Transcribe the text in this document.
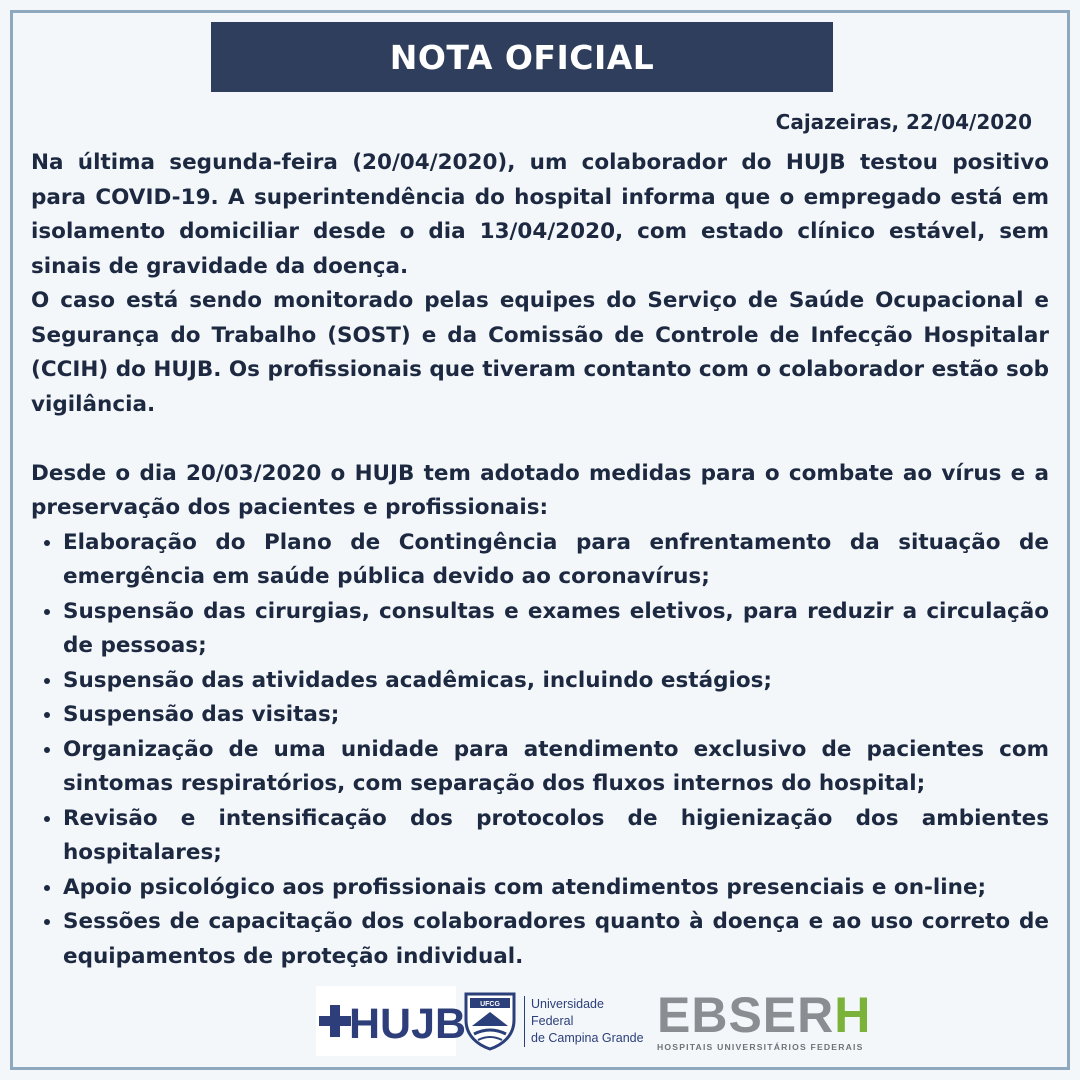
NOTA OFICIAL
Cajazeiras, 22/04/2020

Na última segunda-feira (20/04/2020), um colaborador do HUJB testou positivo para COVID-19. A superintendência do hospital informa que o empregado está em isolamento domiciliar desde o dia 13/04/2020, com estado clínico estável, sem sinais de gravidade da doença.

O caso está sendo monitorado pelas equipes do Serviço de Saúde Ocupacional e Segurança do Trabalho (SOST) e da Comissão de Controle de Infecção Hospitalar (CCIH) do HUJB. Os profissionais que tiveram contanto com o colaborador estão sob vigilância.

Desde o dia 20/03/2020 o HUJB tem adotado medidas para o combate ao vírus e a preservação dos pacientes e profissionais:

• Elaboração do Plano de Contingência para enfrentamento da situação de emergência em saúde pública devido ao coronavírus;
• Suspensão das cirurgias, consultas e exames eletivos, para reduzir a circulação de pessoas;
• Suspensão das atividades acadêmicas, incluindo estágios;
• Suspensão das visitas;
• Organização de uma unidade para atendimento exclusivo de pacientes com sintomas respiratórios, com separação dos fluxos internos do hospital;
• Revisão e intensificação dos protocolos de higienização dos ambientes hospitalares;
• Apoio psicológico aos profissionais com atendimentos presenciais e on-line;
• Sessões de capacitação dos colaboradores quanto à doença e ao uso correto de equipamentos de proteção individual.
HUJB UFCG Universidade Federal
de Campina Grande EBSERH
HOSPITAIS UNIVERSITÁRIOS FEDERAIS
